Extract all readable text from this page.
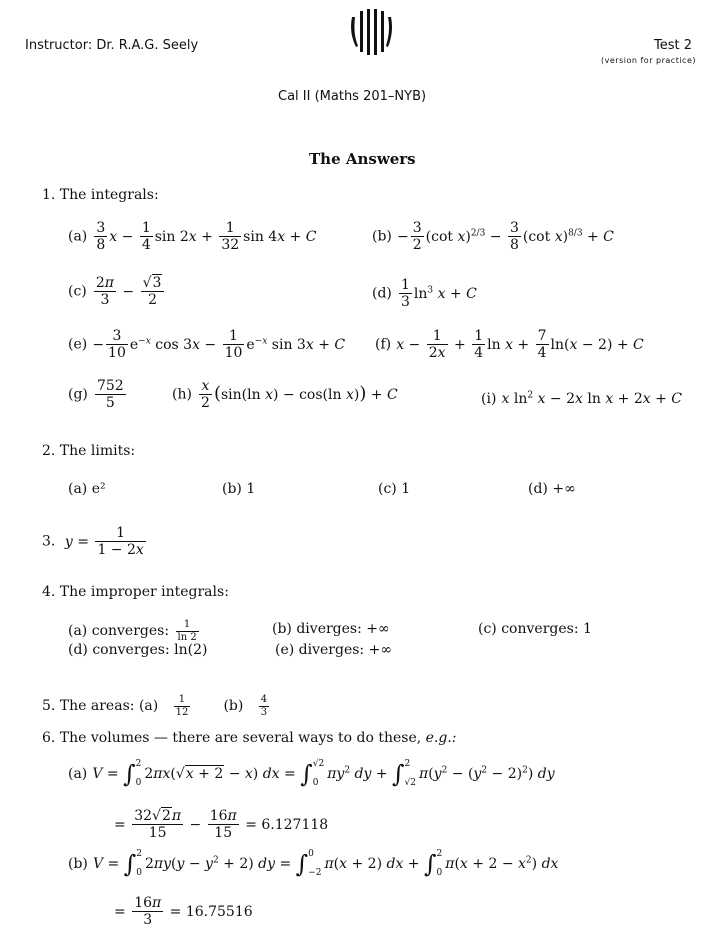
Instructor: Dr. R.A.G. Seely	Test 2
(version for practice)
Cal II (Maths 201–NYB)
The Answers
1. The integrals:
$(a) \frac{3}{8}$ $x - \frac{1}{4}$ $\sin 2x + \frac{1}{32}$ sin 4x + C	$(b) - \frac{3}{2} (\cot$ $x)^{2/3} - \frac{3}{8} (\cot$ x)$^{8/3}$ + C
$(c) \frac{2\pi}{3} - \frac{√3}{2}$	$(d) \frac{1}{3} \ln^3 x + C$
$(e) - \frac{3}{10} e^{-x}$ $\cos 3x - \frac{1}{10} e^{-x}$ sin 3x + C (f) $x - \frac{1}{2x} + \frac{1}{4}$ $\ln x + \frac{7}{4} \ln(x - 2) + C$
$(g) \frac{752}{5}$	$(h) \frac{x}{2} (\sin(\ln$ x) − cos(ln x)) + C	(i) x $\ln^2 x - 2x$ ln x + 2x + C
2. The limits:
(a) e²	(b) 1	(c) 1	(d) +∞
3.  $y = \frac{1}{1 - 2x}$
4. The improper integrals:
(a) converges: $\frac{1}{\ln 2}$	(b) diverges: +∞	(c) converges: 1
(d) converges: ln(2)	(e) diverges: +∞
5. The areas: $(a) \frac{1}{12} (b) \frac{4}{3}$
6. The volumes — there are several ways to do these, e.g.:
(a) V = ∫ 2
0
2πx(√x + 2 − x) dx = ∫ √2
0
$\pi y^2$ dy + ∫ 2
√2
$\pi(y^2 - (y^2 - 2)^2)$ dy
= $\frac{32√2\pi}{15} - \frac{16\pi}{15} = 6.127118$
(b) V = ∫ 2
0
$2\pi y(y - y^2 + 2)$ dy = ∫ 0
−2
π(x + 2) dx + ∫ 2
0
$\pi(x + 2 - x^2)$ dx
= $\frac{16\pi}{3} = 16.75516$
